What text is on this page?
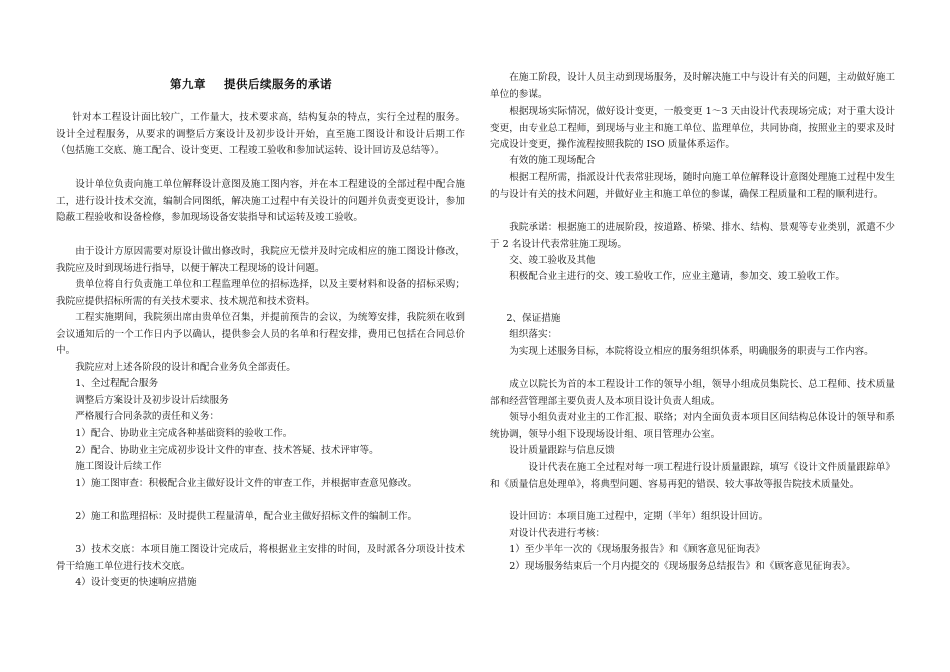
第九章 提供后续服务的承诺

针对本工程设计面比较广，工作量大，技术要求高，结构复杂的特点，实行全过程的服务。设计全过程服务，从要求的调整后方案设计及初步设计开始，直至施工图设计和设计后期工作（包括施工交底、施工配合、设计变更、工程竣工验收和参加试运转、设计回访及总结等）。

设计单位负责向施工单位解释设计意图及施工图内容，并在本工程建设的全部过程中配合施工，进行设计技术交流，编制合同图纸，解决施工过程中有关设计的问题并负责变更设计，参加隐蔽工程验收和设备检修，参加现场设备安装指导和试运转及竣工验收。

由于设计方原因需要对原设计做出修改时，我院应无偿并及时完成相应的施工图设计修改，我院应及时到现场进行指导，以便于解决工程现场的设计问题。

贵单位将自行负责施工单位和工程监理单位的招标选择，以及主要材料和设备的招标采购；我院应提供招标所需的有关技术要求、技术规范和技术资料。

工程实施期间，我院须出席由贵单位召集，并提前预告的会议，为统筹安排，我院须在收到会议通知后的一个工作日内予以确认，提供参会人员的名单和行程安排，费用已包括在合同总价中。

我院应对上述各阶段的设计和配合业务负全部责任。

1、全过程配合服务

调整后方案设计及初步设计后续服务

严格履行合同条款的责任和义务：

1）配合、协助业主完成各种基础资料的验收工作。

2）配合、协助业主完成初步设计文件的审查、技术答疑、技术评审等。

施工图设计后续工作

1）施工图审查：积极配合业主做好设计文件的审查工作，并根据审查意见修改。

2）施工和监理招标：及时提供工程量清单，配合业主做好招标文件的编制工作。

3）技术交底：本项目施工图设计完成后，将根据业主安排的时间，及时派各分项设计技术骨干给施工单位进行技术交底。

4）设计变更的快速响应措施

在施工阶段，设计人员主动到现场服务，及时解决施工中与设计有关的问题，主动做好施工单位的参谋。

根据现场实际情况，做好设计变更，一般变更 1～3 天由设计代表现场完成；对于重大设计变更，由专业总工程师，到现场与业主和施工单位、监理单位，共同协商，按照业主的要求及时完成设计变更，操作流程按照我院的 ISO 质量体系运作。

有效的施工现场配合

根据工程所需，指派设计代表常驻现场，随时向施工单位解释设计意图处理施工过程中发生的与设计有关的技术问题，并做好业主和施工单位的参谋，确保工程质量和工程的顺利进行。

我院承诺：根据施工的进展阶段，按道路、桥梁、排水、结构、景观等专业类别，派遣不少于 2 名设计代表常驻施工现场。

交、竣工验收及其他

积极配合业主进行的交、竣工验收工作，应业主邀请，参加交、竣工验收工作。

2、保证措施

组织落实：

为实现上述服务目标，本院将设立相应的服务组织体系，明确服务的职责与工作内容。

成立以院长为首的本工程设计工作的领导小组，领导小组成员集院长、总工程师、技术质量部和经营管理部主要负责人及本项目设计负责人组成。

领导小组负责对业主的工作汇报、联络；对内全面负责本项目区间结构总体设计的领导和系统协调，领导小组下设现场设计组、项目管理办公室。

设计质量跟踪与信息反馈

设计代表在施工全过程对每一项工程进行设计质量跟踪，填写《设计文件质量跟踪单》和《质量信息处理单》，将典型问题、容易再犯的错误、较大事故等报告院技术质量处。

设计回访：本项目施工过程中，定期（半年）组织设计回访。

对设计代表进行考核：

1）至少半年一次的《现场服务报告》和《顾客意见征询表》

2）现场服务结束后一个月内提交的《现场服务总结报告》和《顾客意见征询表》。
